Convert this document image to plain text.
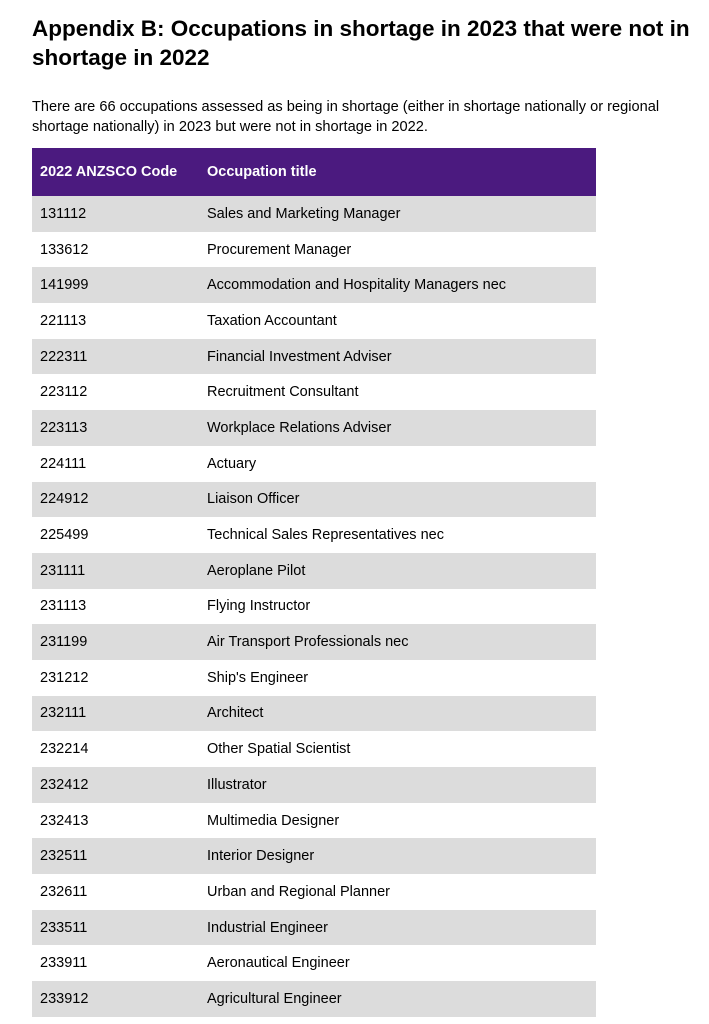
Appendix B: Occupations in shortage in 2023 that were not in shortage in 2022

There are 66 occupations assessed as being in shortage (either in shortage nationally or regional shortage nationally) in 2023 but were not in shortage in 2022.

2022 ANZSCO Code	Occupation title
131112	Sales and Marketing Manager
133612	Procurement Manager
141999	Accommodation and Hospitality Managers nec
221113	Taxation Accountant
222311	Financial Investment Adviser
223112	Recruitment Consultant
223113	Workplace Relations Adviser
224111	Actuary
224912	Liaison Officer
225499	Technical Sales Representatives nec
231111	Aeroplane Pilot
231113	Flying Instructor
231199	Air Transport Professionals nec
231212	Ship's Engineer
232111	Architect
232214	Other Spatial Scientist
232412	Illustrator
232413	Multimedia Designer
232511	Interior Designer
232611	Urban and Regional Planner
233511	Industrial Engineer
233911	Aeronautical Engineer
233912	Agricultural Engineer
